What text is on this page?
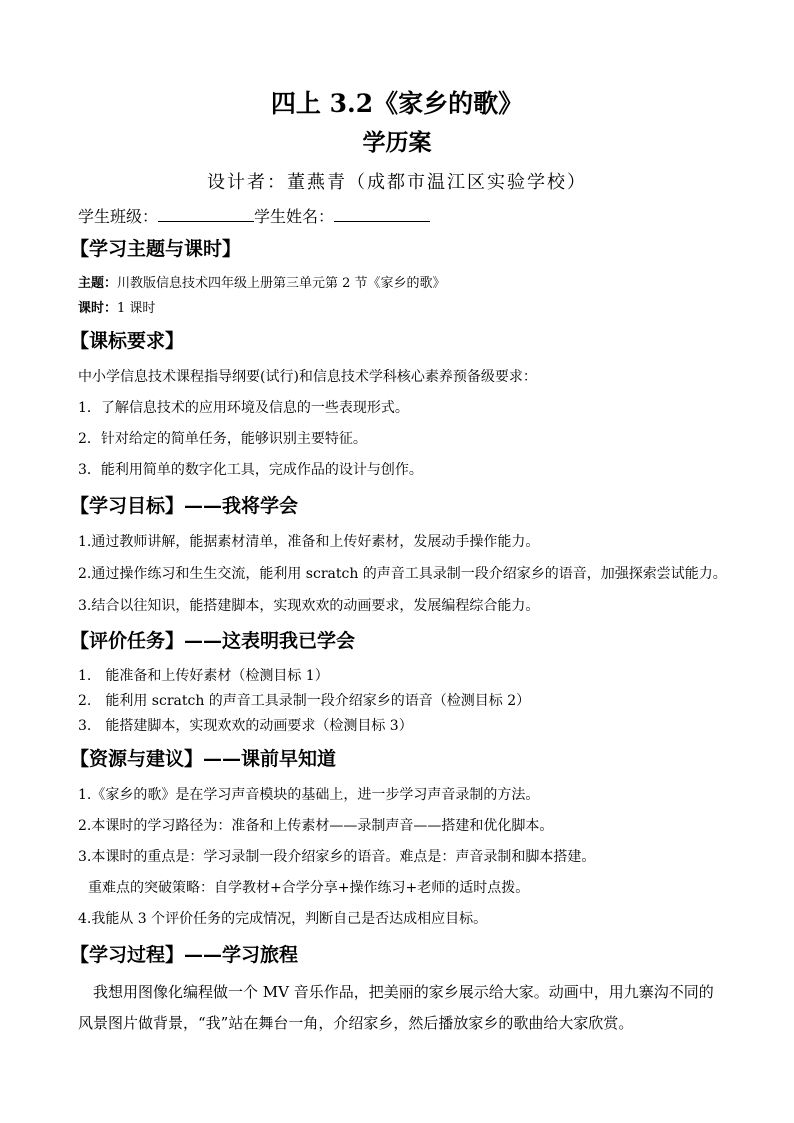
四上 3.2《家乡的歌》
学历案
设计者：董燕青（成都市温江区实验学校）
学生班级：	学生姓名：
【学习主题与课时】
主题：川教版信息技术四年级上册第三单元第 2 节《家乡的歌》
课时：1 课时
【课标要求】
中小学信息技术课程指导纲要(试行)和信息技术学科核心素养预备级要求：
1．了解信息技术的应用环境及信息的一些表现形式。
2．针对给定的简单任务，能够识别主要特征。
3．能利用简单的数字化工具，完成作品的设计与创作。
【学习目标】——我将学会
1.通过教师讲解，能据素材清单，准备和上传好素材，发展动手操作能力。
2.通过操作练习和生生交流，能利用 scratch 的声音工具录制一段介绍家乡的语音，加强探索尝试能力。
3.结合以往知识，能搭建脚本，实现欢欢的动画要求，发展编程综合能力。
【评价任务】——这表明我已学会
1.　能准备和上传好素材（检测目标 1）
2.　能利用 scratch 的声音工具录制一段介绍家乡的语音（检测目标 2）
3.　能搭建脚本，实现欢欢的动画要求（检测目标 3）
【资源与建议】——课前早知道
1.《家乡的歌》是在学习声音模块的基础上，进一步学习声音录制的方法。
2.本课时的学习路径为：准备和上传素材——录制声音——搭建和优化脚本。
3.本课时的重点是：学习录制一段介绍家乡的语音。难点是：声音录制和脚本搭建。
重难点的突破策略：自学教材+合学分享+操作练习+老师的适时点拨。
4.我能从 3 个评价任务的完成情况，判断自己是否达成相应目标。
【学习过程】——学习旅程
我想用图像化编程做一个 MV 音乐作品，把美丽的家乡展示给大家。动画中，用九寨沟不同的风景图片做背景，“我”站在舞台一角，介绍家乡，然后播放家乡的歌曲给大家欣赏。
